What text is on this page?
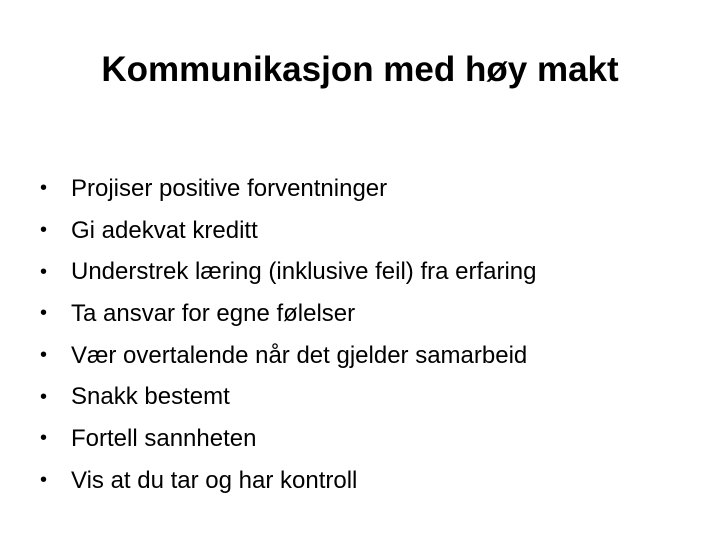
Kommunikasjon med høy makt
• Projiser positive forventninger
• Gi adekvat kreditt
• Understrek læring (inklusive feil) fra erfaring
• Ta ansvar for egne følelser
• Vær overtalende når det gjelder samarbeid
• Snakk bestemt
• Fortell sannheten
• Vis at du tar og har kontroll
